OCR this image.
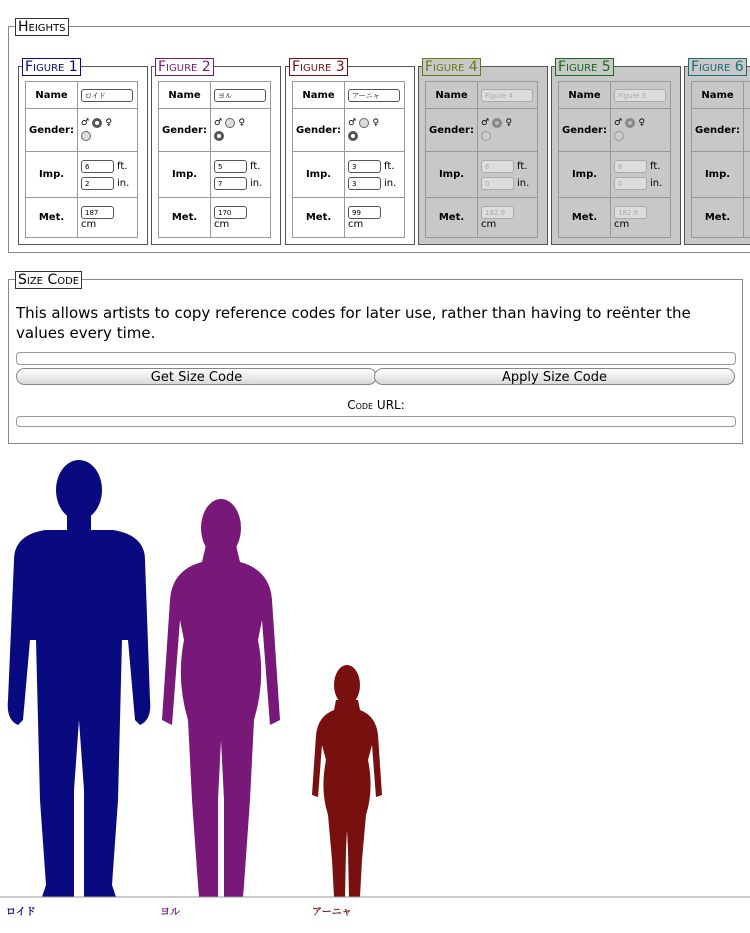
Heights
Figure 1
Name	ロイド
Gender:	♂ ♀

Imp.	6 ft.
2 in.

Met.	187
cm
Figure 2
Name	ヨル
Gender:	♂ ♀

Imp.	5 ft.
7 in.

Met.	170
cm
Figure 3
Name	アーニャ
Gender:	♂ ♀

Imp.	3 ft.
3 in.

Met.	99
cm
Figure 4
Name	Figure 4
Gender:	♂ ♀

Imp.	6 ft.
0 in.

Met.	182.9
cm
Figure 5
Name	Figure 5
Gender:	♂ ♀

Imp.	6 ft.
0 in.

Met.	182.9
cm
Figure 6
Name	
Gender:	
Imp.	
Met.	
Size Code
This allows artists to copy reference codes for later use, rather than having to reënter the values every time.
Get Size Code	Apply Size Code
Code URL:
ロイド	ヨル	アーニャ
